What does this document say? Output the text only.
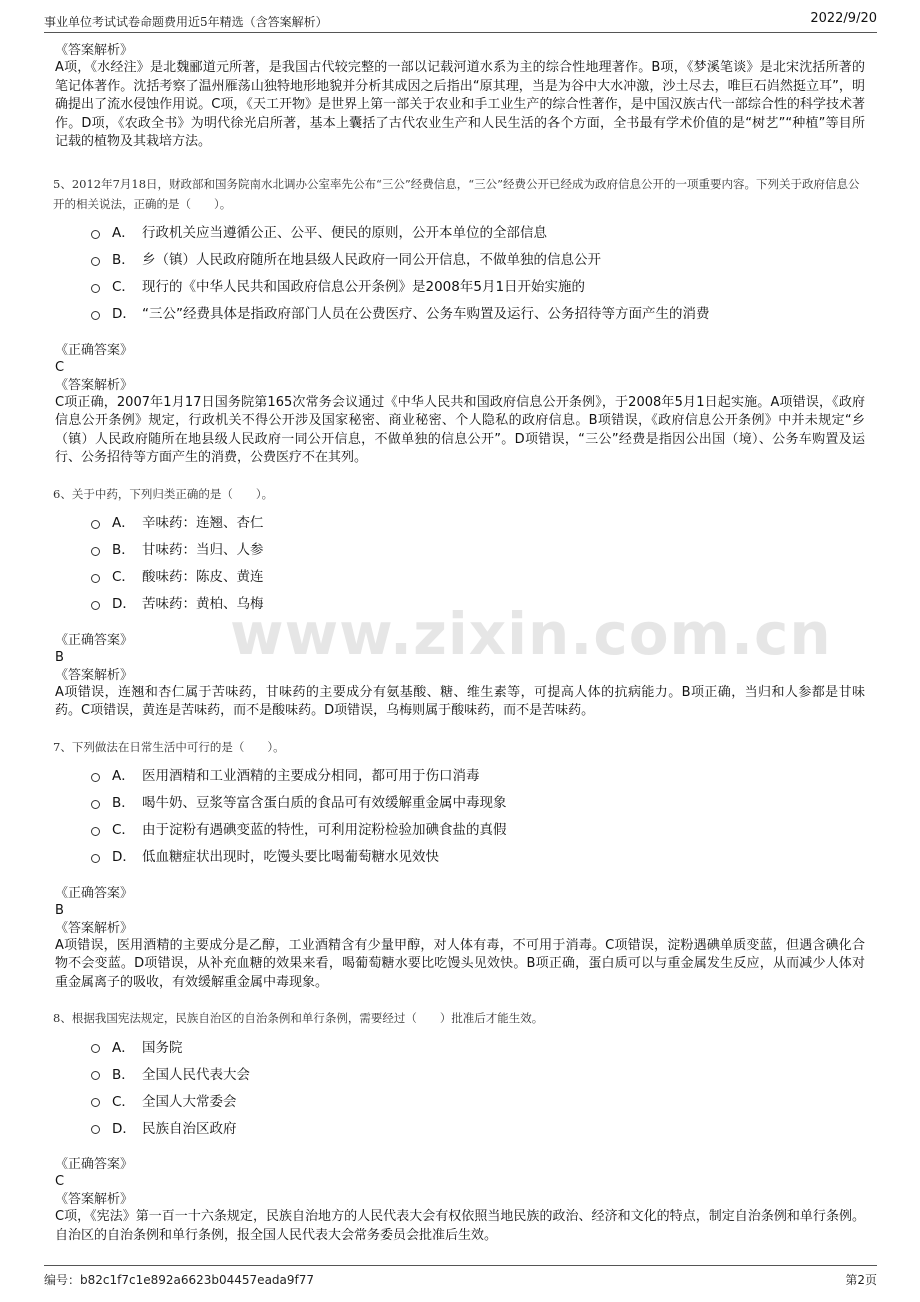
事业单位考试试卷命题费用近5年精选（含答案解析）	2022/9/20
www.zixin.com.cn
《答案解析》
A项，《水经注》是北魏郦道元所著，是我国古代较完整的一部以记载河道水系为主的综合性地理著作。B项，《梦溪笔谈》是北宋沈括所著的笔记体著作。沈括考察了温州雁荡山独特地形地貌并分析其成因之后指出“原其理，当是为谷中大水冲激，沙土尽去，唯巨石岿然挺立耳”，明确提出了流水侵蚀作用说。C项，《天工开物》是世界上第一部关于农业和手工业生产的综合性著作，是中国汉族古代一部综合性的科学技术著作。D项，《农政全书》为明代徐光启所著，基本上囊括了古代农业生产和人民生活的各个方面，全书最有学术价值的是“树艺”“种植”等目所记载的植物及其栽培方法。
5、2012年7月18日，财政部和国务院南水北调办公室率先公布“三公”经费信息，“三公”经费公开已经成为政府信息公开的一项重要内容。下列关于政府信息公开的相关说法，正确的是（　　）。
A． 行政机关应当遵循公正、公平、便民的原则，公开本单位的全部信息
B． 乡（镇）人民政府随所在地县级人民政府一同公开信息，不做单独的信息公开
C． 现行的《中华人民共和国政府信息公开条例》是2008年5月1日开始实施的
D． “三公”经费具体是指政府部门人员在公费医疗、公务车购置及运行、公务招待等方面产生的消费
《正确答案》
C
《答案解析》
C项正确，2007年1月17日国务院第165次常务会议通过《中华人民共和国政府信息公开条例》，于2008年5月1日起实施。A项错误，《政府信息公开条例》规定，行政机关不得公开涉及国家秘密、商业秘密、个人隐私的政府信息。B项错误，《政府信息公开条例》中并未规定“乡（镇）人民政府随所在地县级人民政府一同公开信息，不做单独的信息公开”。D项错误，“三公”经费是指因公出国（境）、公务车购置及运行、公务招待等方面产生的消费，公费医疗不在其列。
6、关于中药，下列归类正确的是（　　）。
A． 辛味药：连翘、杏仁
B． 甘味药：当归、人参
C． 酸味药：陈皮、黄连
D． 苦味药：黄柏、乌梅
《正确答案》
B
《答案解析》
A项错误，连翘和杏仁属于苦味药，甘味药的主要成分有氨基酸、糖、维生素等，可提高人体的抗病能力。B项正确，当归和人参都是甘味药。C项错误，黄连是苦味药，而不是酸味药。D项错误，乌梅则属于酸味药，而不是苦味药。
7、下列做法在日常生活中可行的是（　　）。
A． 医用酒精和工业酒精的主要成分相同，都可用于伤口消毒
B． 喝牛奶、豆浆等富含蛋白质的食品可有效缓解重金属中毒现象
C． 由于淀粉有遇碘变蓝的特性，可利用淀粉检验加碘食盐的真假
D． 低血糖症状出现时，吃馒头要比喝葡萄糖水见效快
《正确答案》
B
《答案解析》
A项错误，医用酒精的主要成分是乙醇，工业酒精含有少量甲醇，对人体有毒，不可用于消毒。C项错误，淀粉遇碘单质变蓝，但遇含碘化合物不会变蓝。D项错误，从补充血糖的效果来看，喝葡萄糖水要比吃馒头见效快。B项正确，蛋白质可以与重金属发生反应，从而减少人体对重金属离子的吸收，有效缓解重金属中毒现象。
8、根据我国宪法规定，民族自治区的自治条例和单行条例，需要经过（　　）批准后才能生效。
A． 国务院
B． 全国人民代表大会
C． 全国人大常委会
D． 民族自治区政府
《正确答案》
C
《答案解析》
C项，《宪法》第一百一十六条规定，民族自治地方的人民代表大会有权依照当地民族的政治、经济和文化的特点，制定自治条例和单行条例。自治区的自治条例和单行条例，报全国人民代表大会常务委员会批准后生效。
编号：b82c1f7c1e892a6623b04457eada9f77	第2页
